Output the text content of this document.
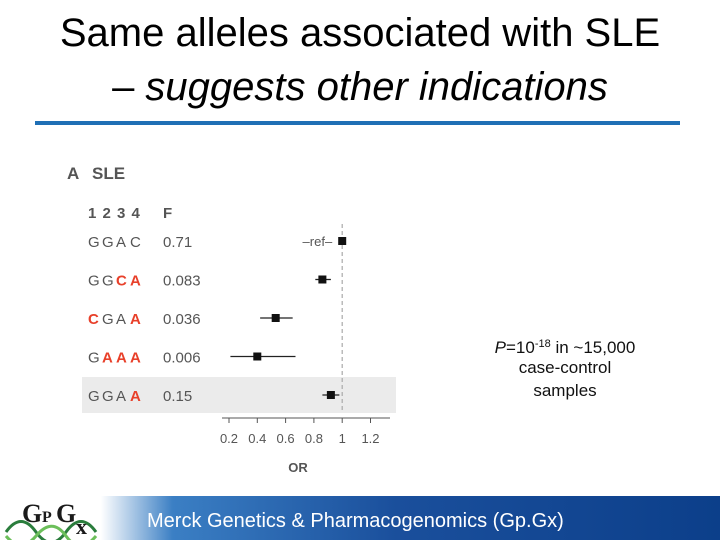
Same alleles associated with SLE
– suggests other indications
A SLE
1 2 3 4 F
G G A C 0.71	–ref–
G G C A 0.083
C G A A 0.036
G A A A 0.006
G G A A 0.15
0.2 0.4 0.6 0.8 1 1.2
OR
$P=10^{-18}$ in ~15,000
case-control
samples
Merck Genetics & Pharmacogenomics (Gp.Gx)
G P G x
